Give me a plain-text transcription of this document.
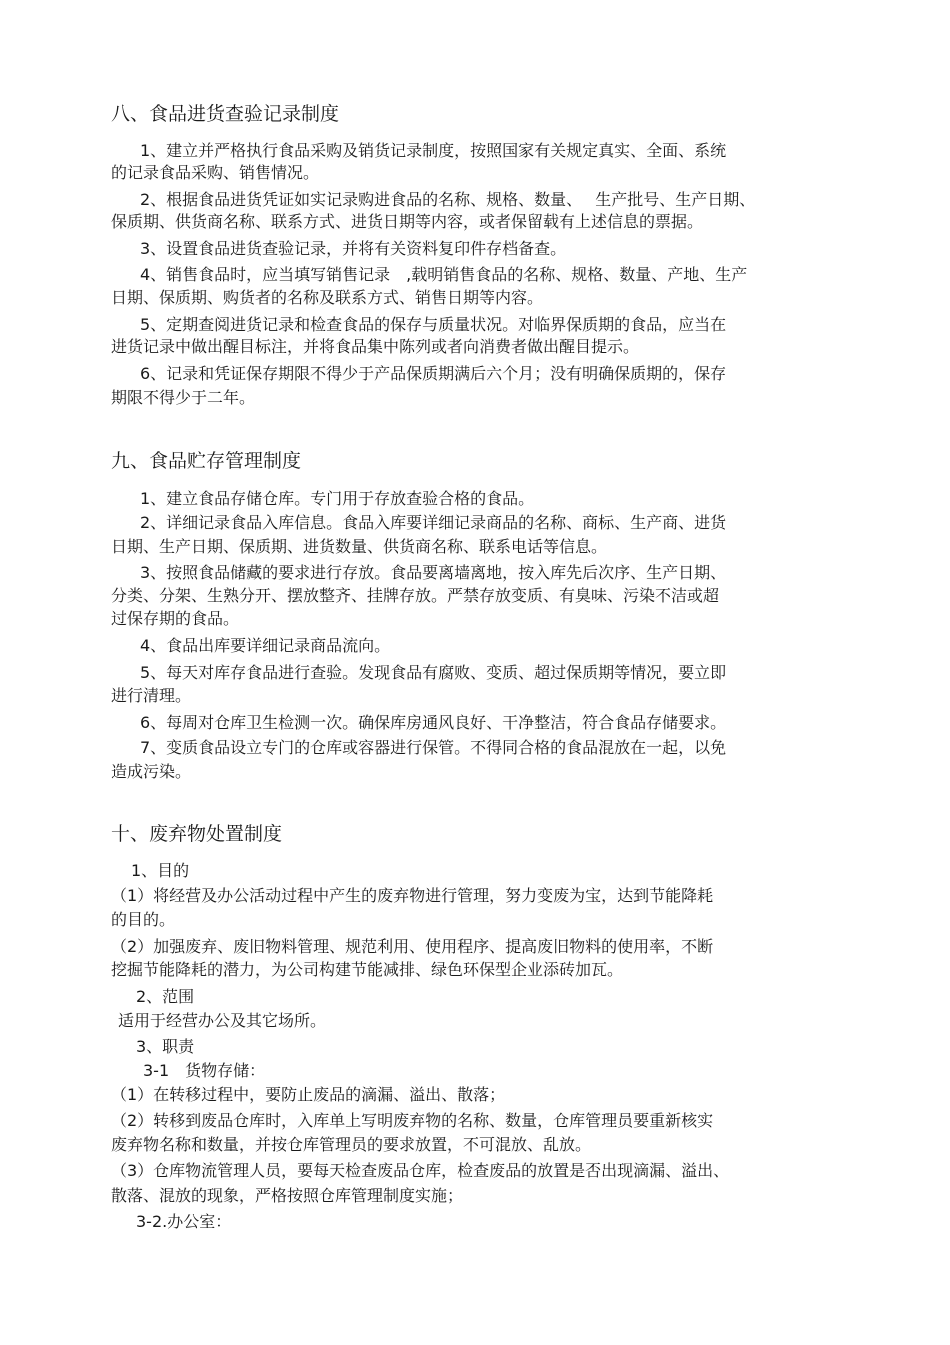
八、食品进货查验记录制度
1、建立并严格执行食品采购及销货记录制度，按照国家有关规定真实、全面、系统
的记录食品采购、销售情况。
2、根据食品进货凭证如实记录购进食品的名称、规格、数量、　 生产批号、生产日期、
保质期、供货商名称、联系方式、进货日期等内容，或者保留载有上述信息的票据。
3、设置食品进货查验记录，并将有关资料复印件存档备查。
4、销售食品时，应当填写销售记录　,载明销售食品的名称、规格、数量、产地、生产
日期、保质期、购货者的名称及联系方式、销售日期等内容。
5、定期查阅进货记录和检查食品的保存与质量状况。对临界保质期的食品，应当在
进货记录中做出醒目标注，并将食品集中陈列或者向消费者做出醒目提示。
6、记录和凭证保存期限不得少于产品保质期满后六个月；没有明确保质期的，保存
期限不得少于二年。
九、食品贮存管理制度
1、建立食品存储仓库。专门用于存放查验合格的食品。
2、详细记录食品入库信息。食品入库要详细记录商品的名称、商标、生产商、进货
日期、生产日期、保质期、进货数量、供货商名称、联系电话等信息。
3、按照食品储藏的要求进行存放。食品要离墙离地，按入库先后次序、生产日期、
分类、分架、生熟分开、摆放整齐、挂牌存放。严禁存放变质、有臭味、污染不洁或超
过保存期的食品。
4、食品出库要详细记录商品流向。
5、每天对库存食品进行查验。发现食品有腐败、变质、超过保质期等情况，要立即
进行清理。
6、每周对仓库卫生检测一次。确保库房通风良好、干净整洁，符合食品存储要求。
7、变质食品设立专门的仓库或容器进行保管。不得同合格的食品混放在一起，以免
造成污染。
十、废弃物处置制度
1、目的
（1）将经营及办公活动过程中产生的废弃物进行管理，努力变废为宝，达到节能降耗
的目的。
（2）加强废弃、废旧物料管理、规范利用、使用程序、提高废旧物料的使用率，不断
挖掘节能降耗的潜力，为公司构建节能减排、绿色环保型企业添砖加瓦。
2、范围
适用于经营办公及其它场所。
3、职责
3-1　货物存储：
（1）在转移过程中，要防止废品的滴漏、溢出、散落；
（2）转移到废品仓库时，入库单上写明废弃物的名称、数量，仓库管理员要重新核实
废弃物名称和数量，并按仓库管理员的要求放置，不可混放、乱放。
（3）仓库物流管理人员，要每天检查废品仓库，检查废品的放置是否出现滴漏、溢出、
散落、混放的现象，严格按照仓库管理制度实施；
3-2.办公室：
